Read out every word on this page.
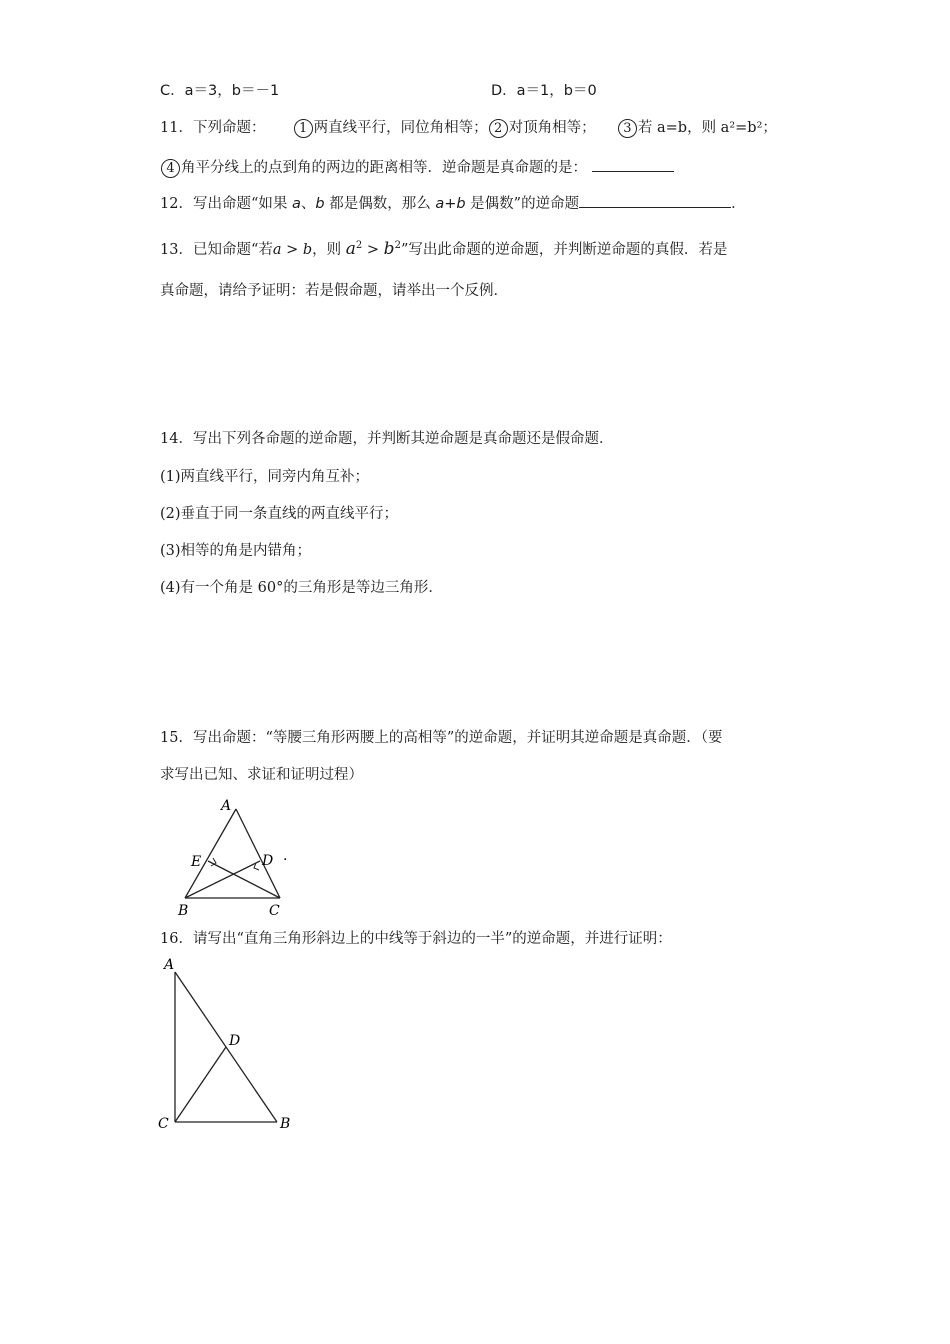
C．a＝3，b＝－1	D．a＝1，b＝0
11．下列命题：	1 两直线平行，同位角相等； 2 对顶角相等； 3 若 a=b，则 a²=b²；
4 角平分线上的点到角的两边的距离相等．逆命题是真命题的是：
12．写出命题“如果 a、b 都是偶数，那么 a+b 是偶数”的逆命题	．
13．已知命题“若a > b，则 $a^2 > b^2$”写出此命题的逆命题，并判断逆命题的真假．若是
真命题，请给予证明：若是假命题，请举出一个反例．
14．写出下列各命题的逆命题，并判断其逆命题是真命题还是假命题．
(1)两直线平行，同旁内角互补；
(2)垂直于同一条直线的两直线平行；
(3)相等的角是内错角；
(4)有一个角是 60°的三角形是等边三角形．
15．写出命题：“等腰三角形两腰上的高相等”的逆命题，并证明其逆命题是真命题．（要
求写出已知、求证和证明过程）
A
E	D ·
B	C
16．请写出“直角三角形斜边上的中线等于斜边的一半”的逆命题，并进行证明：
A
D
C	B
